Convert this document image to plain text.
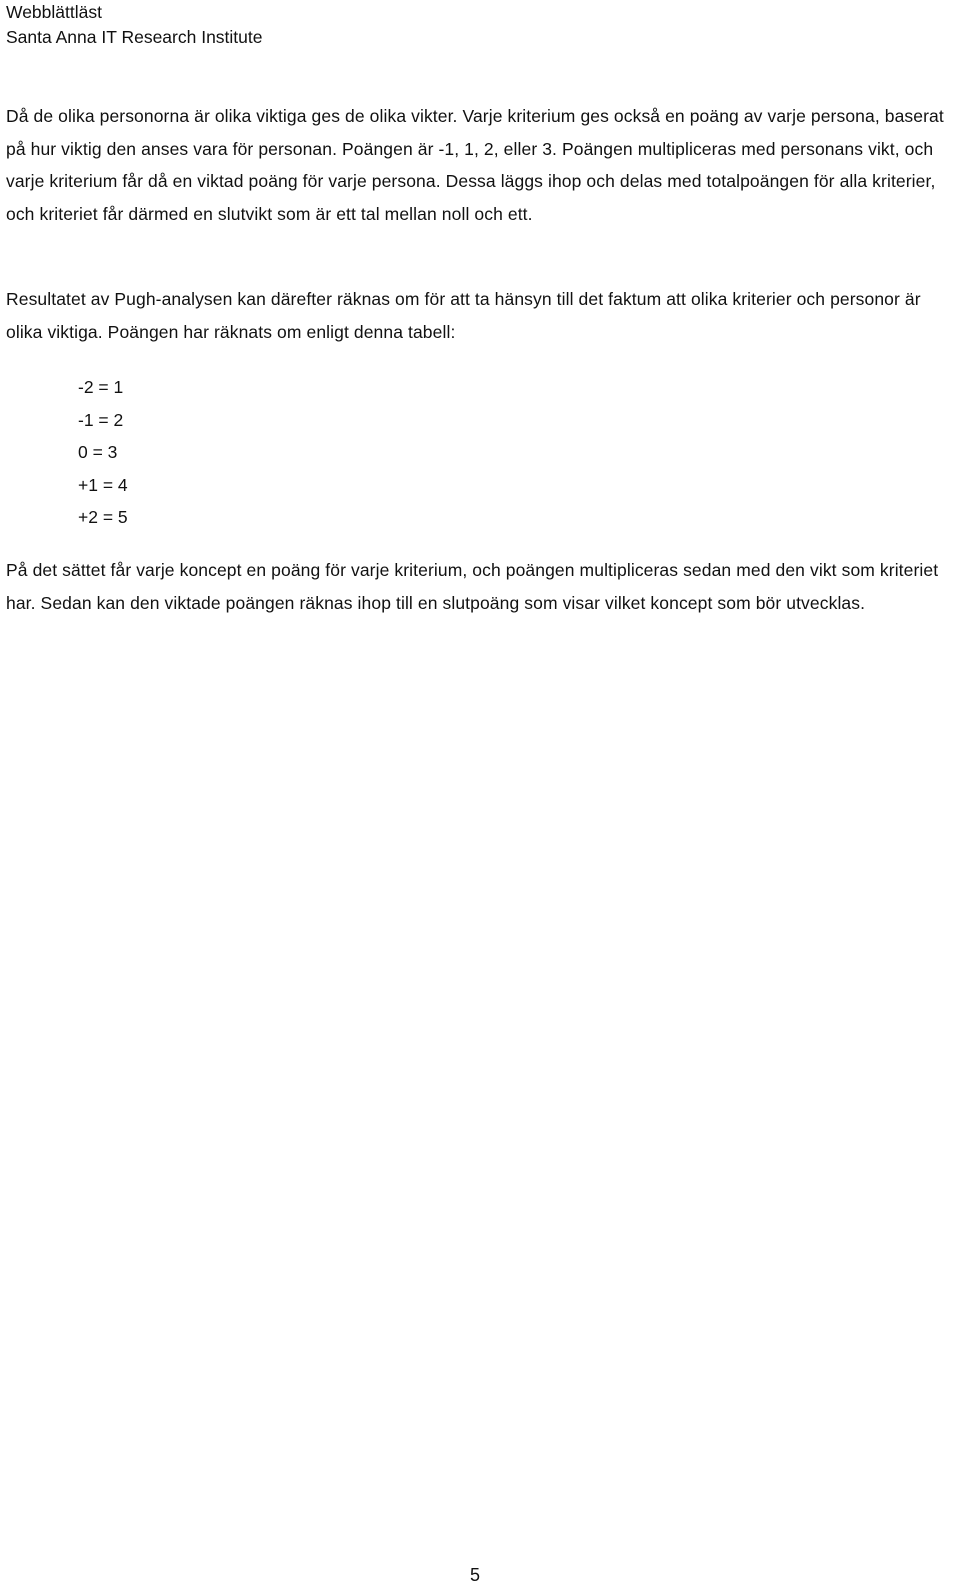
Webblättläst
Santa Anna IT Research Institute

Då de olika personorna är olika viktiga ges de olika vikter. Varje kriterium ges också en poäng av varje persona, baserat på hur viktig den anses vara för personan. Poängen är -1, 1, 2, eller 3. Poängen multipliceras med personans vikt, och varje kriterium får då en viktad poäng för varje persona. Dessa läggs ihop och delas med totalpoängen för alla kriterier, och kriteriet får därmed en slutvikt som är ett tal mellan noll och ett.

Resultatet av Pugh-analysen kan därefter räknas om för att ta hänsyn till det faktum att olika kriterier och personor är olika viktiga. Poängen har räknats om enligt denna tabell:

-2 = 1
-1 = 2
0 = 3
+1 = 4
+2 = 5

På det sättet får varje koncept en poäng för varje kriterium, och poängen multipliceras sedan med den vikt som kriteriet har. Sedan kan den viktade poängen räknas ihop till en slutpoäng som visar vilket koncept som bör utvecklas.

5
